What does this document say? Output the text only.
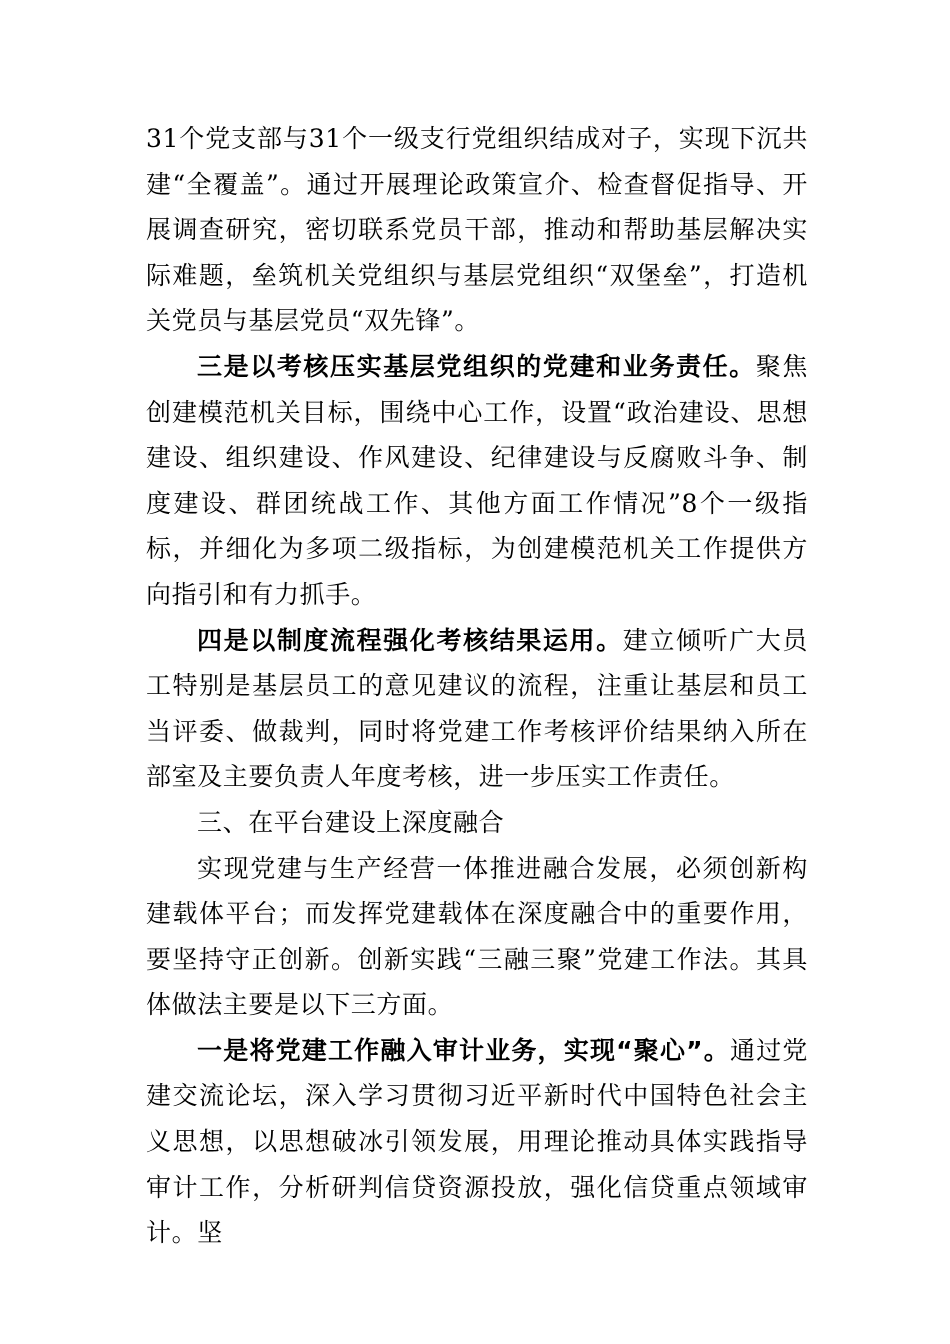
31个党支部与31个一级支行党组织结成对子，实现下沉共建“全覆盖”。通过开展理论政策宣介、检查督促指导、开展调查研究，密切联系党员干部，推动和帮助基层解决实际难题，垒筑机关党组织与基层党组织“双堡垒”，打造机关党员与基层党员“双先锋”。

三是以考核压实基层党组织的党建和业务责任。聚焦创建模范机关目标，围绕中心工作，设置“政治建设、思想建设、组织建设、作风建设、纪律建设与反腐败斗争、制度建设、群团统战工作、其他方面工作情况”8个一级指标，并细化为多项二级指标，为创建模范机关工作提供方向指引和有力抓手。

四是以制度流程强化考核结果运用。建立倾听广大员工特别是基层员工的意见建议的流程，注重让基层和员工当评委、做裁判，同时将党建工作考核评价结果纳入所在部室及主要负责人年度考核，进一步压实工作责任。

三、在平台建设上深度融合

实现党建与生产经营一体推进融合发展，必须创新构建载体平台；而发挥党建载体在深度融合中的重要作用，要坚持守正创新。创新实践“三融三聚”党建工作法。其具体做法主要是以下三方面。

一是将党建工作融入审计业务，实现“聚心”。通过党建交流论坛，深入学习贯彻习近平新时代中国特色社会主义思想，以思想破冰引领发展，用理论推动具体实践指导审计工作，分析研判信贷资源投放，强化信贷重点领域审计。坚
